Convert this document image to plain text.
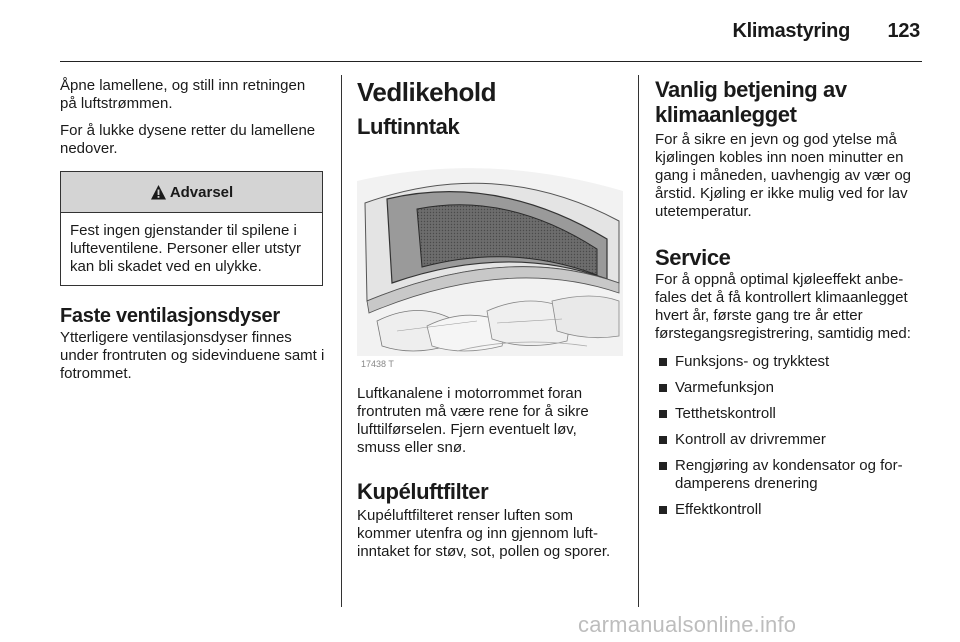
Klimastyring	123

Åpne lamellene, og still inn retningen på luftstrømmen.

For å lukke dysene retter du lamellene nedover.

Advarsel
Fest ingen gjenstander til spilene i lufteventilene. Personer eller utstyr kan bli skadet ved en ulykke.
Faste ventilasjonsdyser

Ytterligere ventilasjonsdyser finnes under frontruten og sidevinduene samt i fotrommet.

Vedlikehold
Luftinntak
17438 T

Luftkanalene i motorrommet foran frontruten må være rene for å sikre lufttilførselen. Fjern eventuelt løv, smuss eller snø.

Kupéluftfilter

Kupéluftfilteret renser luften som kommer utenfra og inn gjennom luftinntaket for støv, sot, pollen og sporer.

Vanlig betjening av klimaanlegget

For å sikre en jevn og god ytelse må kjølingen kobles inn noen minutter en gang i måneden, uavhengig av vær og årstid. Kjøling er ikke mulig ved for lav utetemperatur.

Service

For å oppnå optimal kjøleeffekt anbefales det å få kontrollert klimaanlegget hvert år, første gang tre år etter førstegangsregistrering, samtidig med:

Funksjons- og trykktest
Varmefunksjon
Tetthetskontroll
Kontroll av drivremmer
Rengjøring av kondensator og fordamperens drenering
Effektkontroll
carmanualsonline.info
